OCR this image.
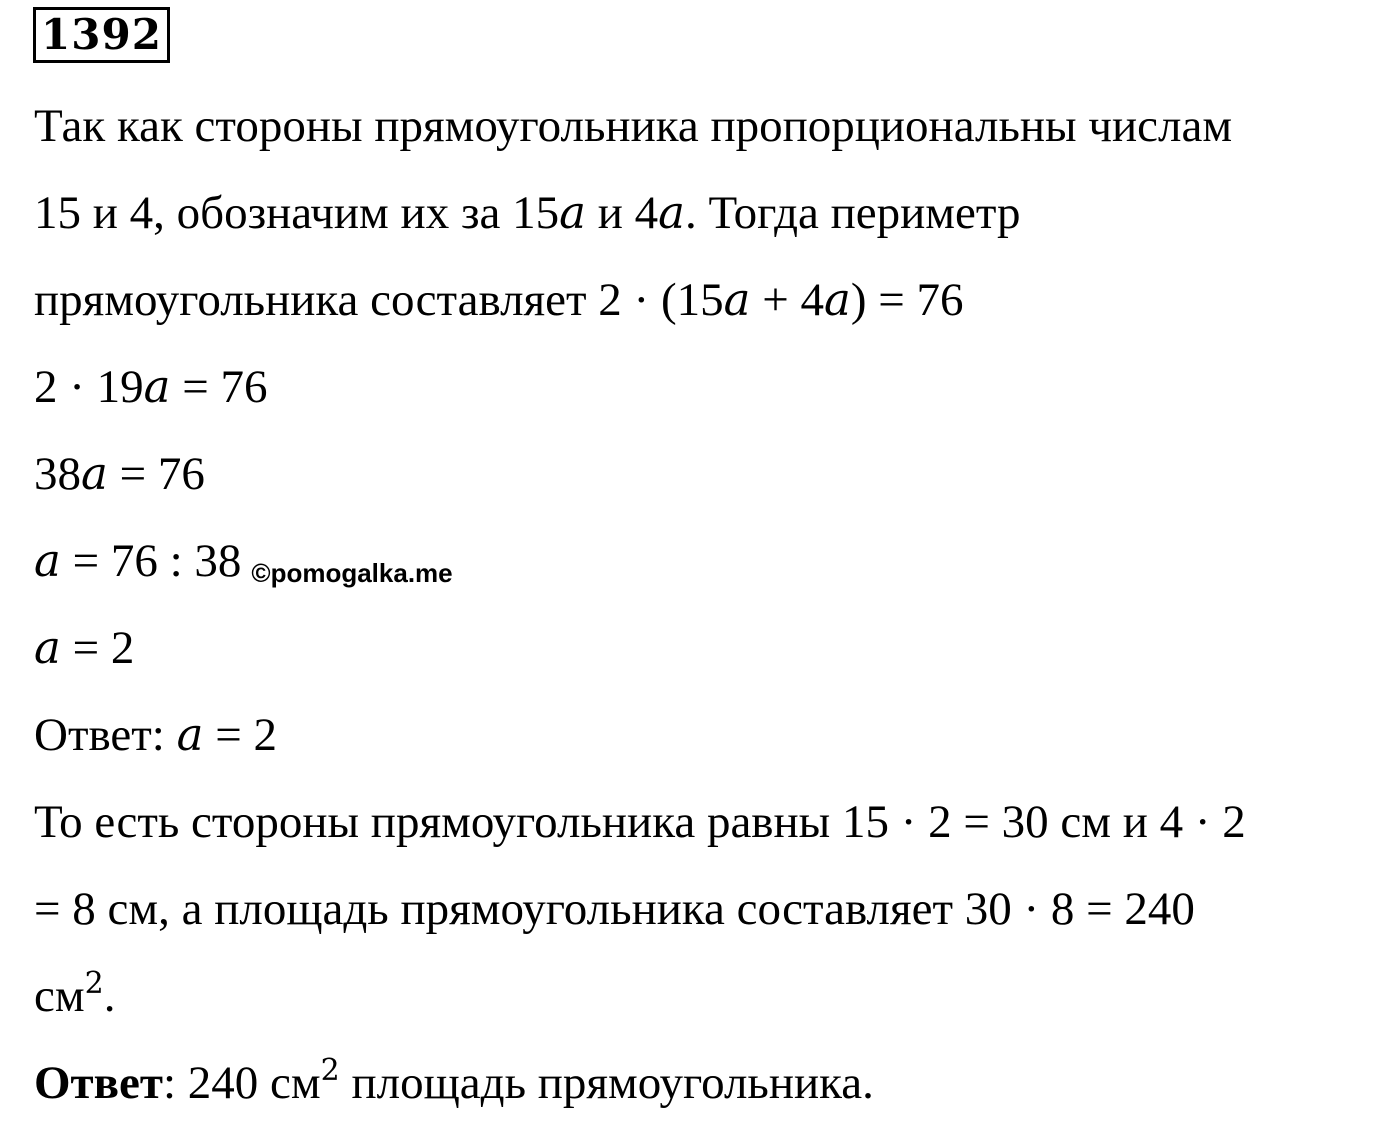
1392
Так как стороны прямоугольника пропорциональны числам
15 и 4, обозначим их за 15a и 4a. Тогда периметр
прямоугольника составляет 2 · (15a + 4a) = 76
2 · 19a = 76
38a = 76
a = 76 : 38 ©pomogalka.me
a = 2
Ответ: a = 2
То есть стороны прямоугольника равны 15 · 2 = 30 см и 4 · 2
= 8 см, а площадь прямоугольника составляет 30 · 8 = 240
$см^2$.
Ответ: 240 $см^2$ площадь прямоугольника.
